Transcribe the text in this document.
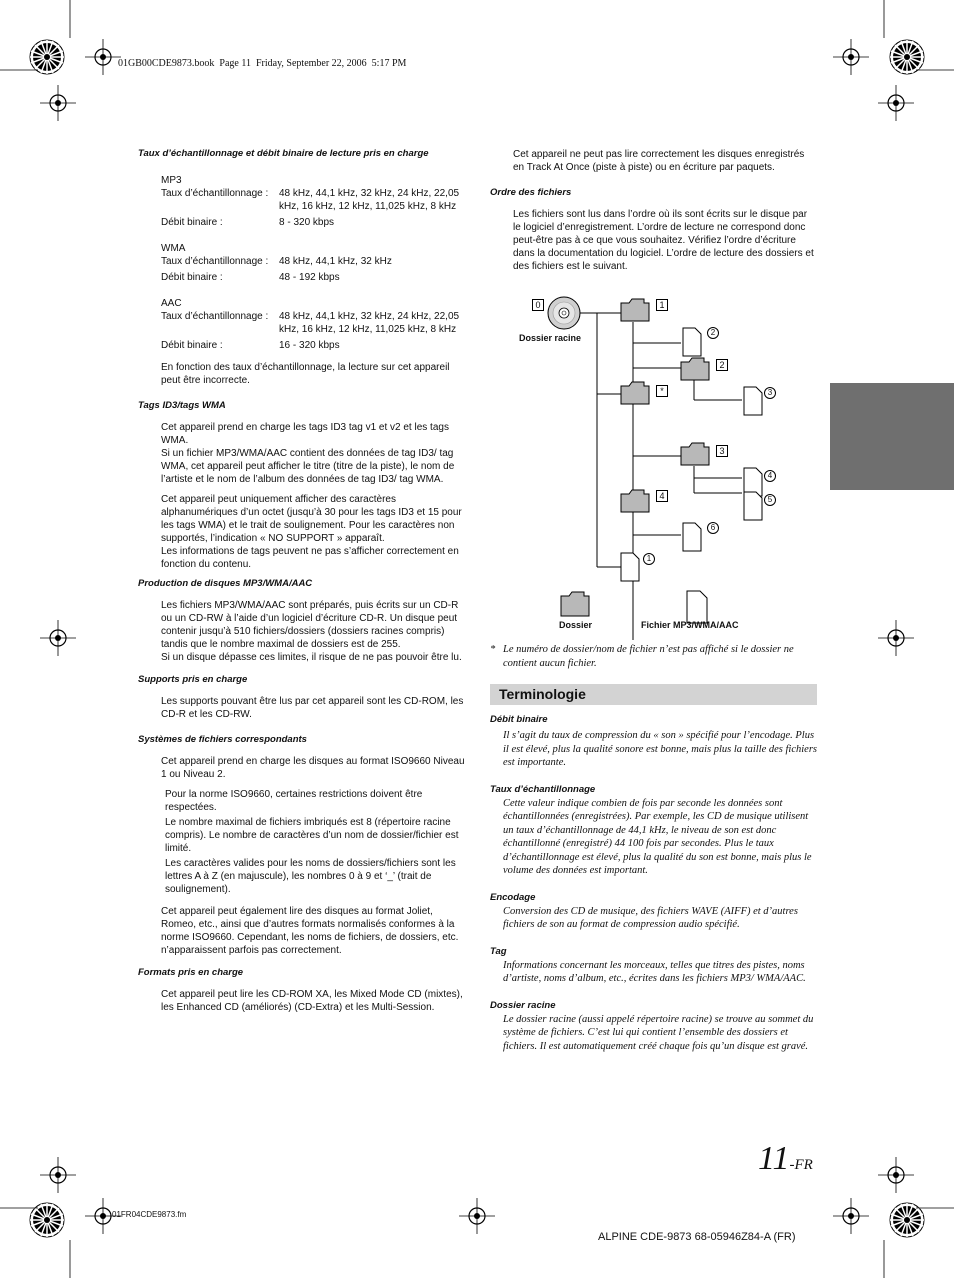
01GB00CDE9873.book  Page 11  Friday, September 22, 2006  5:17 PM

Taux d’échantillonnage et débit binaire de lecture pris en charge

MP3
Taux d’échantillonnage :	48 kHz, 44,1 kHz, 32 kHz, 24 kHz, 22,05 kHz, 16 kHz, 12 kHz, 11,025 kHz, 8 kHz
Débit binaire :	8 - 320 kbps
WMA
Taux d’échantillonnage :	48 kHz, 44,1 kHz, 32 kHz
Débit binaire :	48 - 192 kbps
AAC
Taux d’échantillonnage :	48 kHz, 44,1 kHz, 32 kHz, 24 kHz, 22,05 kHz, 16 kHz, 12 kHz, 11,025 kHz, 8 kHz
Débit binaire :	16 - 320 kbps

En fonction des taux d’échantillonnage, la lecture sur cet appareil peut être incorrecte.

Tags ID3/tags WMA

Cet appareil prend en charge les tags ID3 tag v1 et v2 et les tags WMA.
Si un fichier MP3/WMA/AAC contient des données de tag ID3/ tag WMA, cet appareil peut afficher le titre (titre de la piste), le nom de l’artiste et le nom de l’album des données de tag ID3/ tag WMA.

Cet appareil peut uniquement afficher des caractères alphanumériques d’un octet (jusqu’à 30 pour les tags ID3 et 15 pour les tags WMA) et le trait de soulignement. Pour les caractères non supportés, l’indication « NO SUPPORT » apparaît.
Les informations de tags peuvent ne pas s’afficher correctement en fonction du contenu.

Production de disques MP3/WMA/AAC

Les fichiers MP3/WMA/AAC sont préparés, puis écrits sur un CD-R ou un CD-RW à l’aide d’un logiciel d’écriture CD-R. Un disque peut contenir jusqu’à 510 fichiers/dossiers (dossiers racines compris) tandis que le nombre maximal de dossiers est de 255.
Si un disque dépasse ces limites, il risque de ne pas pouvoir être lu.

Supports pris en charge

Les supports pouvant être lus par cet appareil sont les CD-ROM, les CD-R et les CD-RW.

Systèmes de fichiers correspondants

Cet appareil prend en charge les disques au format ISO9660 Niveau 1 ou Niveau 2.

Pour la norme ISO9660, certaines restrictions doivent être respectées.

Le nombre maximal de fichiers imbriqués est 8 (répertoire racine compris). Le nombre de caractères d’un nom de dossier/fichier est limité.

Les caractères valides pour les noms de dossiers/fichiers sont les lettres A à Z (en majuscule), les nombres 0 à 9 et ‘_’ (trait de soulignement).

Cet appareil peut également lire des disques au format Joliet, Romeo, etc., ainsi que d’autres formats normalisés conformes à la norme ISO9660. Cependant, les noms de fichiers, de dossiers, etc. n’apparaissent parfois pas correctement.

Formats pris en charge

Cet appareil peut lire les CD-ROM XA, les Mixed Mode CD (mixtes), les Enhanced CD (améliorés) (CD-Extra) et les Multi-Session.

Cet appareil ne peut pas lire correctement les disques enregistrés en Track At Once (piste à piste) ou en écriture par paquets.

Ordre des fichiers

Les fichiers sont lus dans l’ordre où ils sont écrits sur le disque par le logiciel d’enregistrement. L’ordre de lecture ne correspond donc peut-être pas à ce que vous souhaitez. Vérifiez l’ordre d’écriture dans la documentation du logiciel. L’ordre de lecture des dossiers et des fichiers est le suivant.

0	1
2
*
3
4
2
3
4
5
6
1
Dossier racine
Dossier	Fichier MP3/WMA/AAC
* Le numéro de dossier/nom de fichier n’est pas affiché si le dossier ne contient aucun fichier.

Terminologie

Débit binaire

Il s’agit du taux de compression du « son » spécifié pour l’encodage. Plus il est élevé, plus la qualité sonore est bonne, mais plus la taille des fichiers est importante.

Taux d’échantillonnage

Cette valeur indique combien de fois par seconde les données sont échantillonnées (enregistrées). Par exemple, les CD de musique utilisent un taux d’échantillonnage de 44,1 kHz, le niveau de son est donc échantillonné (enregistré) 44 100 fois par secondes. Plus le taux d’échantillonnage est élevé, plus la qualité du son est bonne, mais plus le volume des données est important.

Encodage

Conversion des CD de musique, des fichiers WAVE (AIFF) et d’autres fichiers de son au format de compression audio spécifié.

Tag

Informations concernant les morceaux, telles que titres des pistes, noms d’artiste, noms d’album, etc., écrites dans les fichiers MP3/ WMA/AAC.

Dossier racine

Le dossier racine (aussi appelé répertoire racine) se trouve au sommet du système de fichiers. C’est lui qui contient l’ensemble des dossiers et fichiers. Il est automatiquement créé chaque fois qu’un disque est gravé.

11-FR
01FR04CDE9873.fm
ALPINE CDE-9873 68-05946Z84-A (FR)
